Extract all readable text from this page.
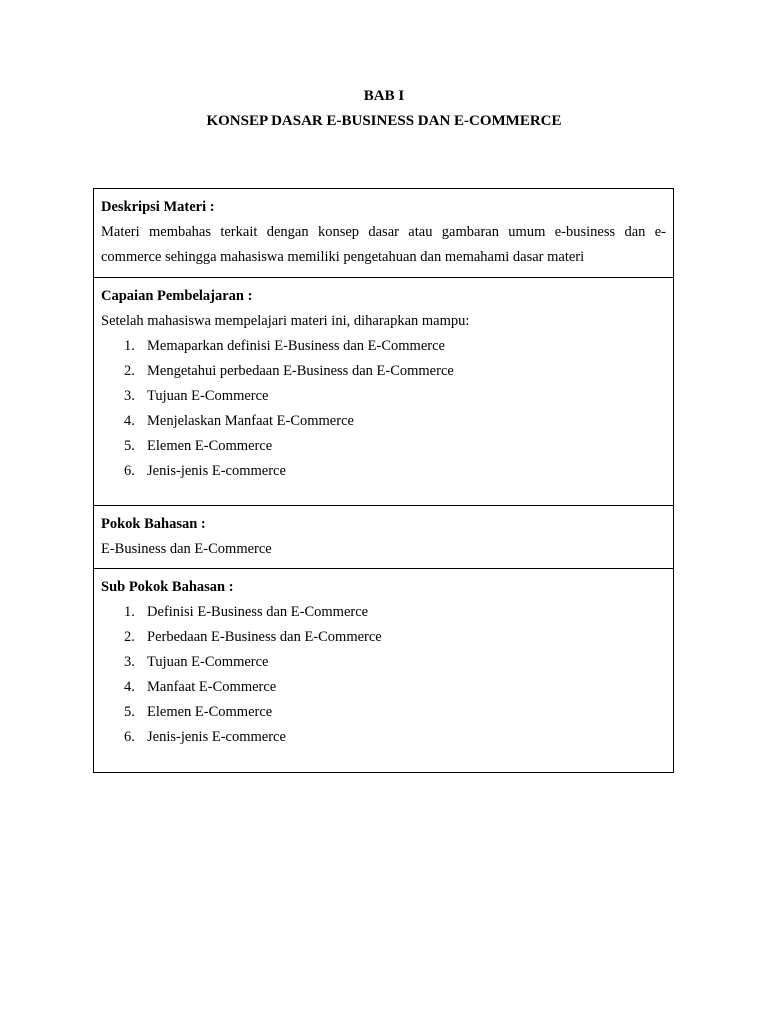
BAB I
KONSEP DASAR E-BUSINESS DAN E-COMMERCE
Deskripsi Materi :
Materi membahas terkait dengan konsep dasar atau gambaran umum e-business dan e-
commerce sehingga mahasiswa memiliki pengetahuan dan memahami dasar materi
Capaian Pembelajaran :
Setelah mahasiswa mempelajari materi ini, diharapkan mampu:
1. Memaparkan definisi E-Business dan E-Commerce
2. Mengetahui perbedaan E-Business dan E-Commerce
3. Tujuan E-Commerce
4. Menjelaskan Manfaat E-Commerce
5. Elemen E-Commerce
6. Jenis-jenis E-commerce
Pokok Bahasan :
E-Business dan E-Commerce
Sub Pokok Bahasan :
1. Definisi E-Business dan E-Commerce
2. Perbedaan E-Business dan E-Commerce
3. Tujuan E-Commerce
4. Manfaat E-Commerce
5. Elemen E-Commerce
6. Jenis-jenis E-commerce
